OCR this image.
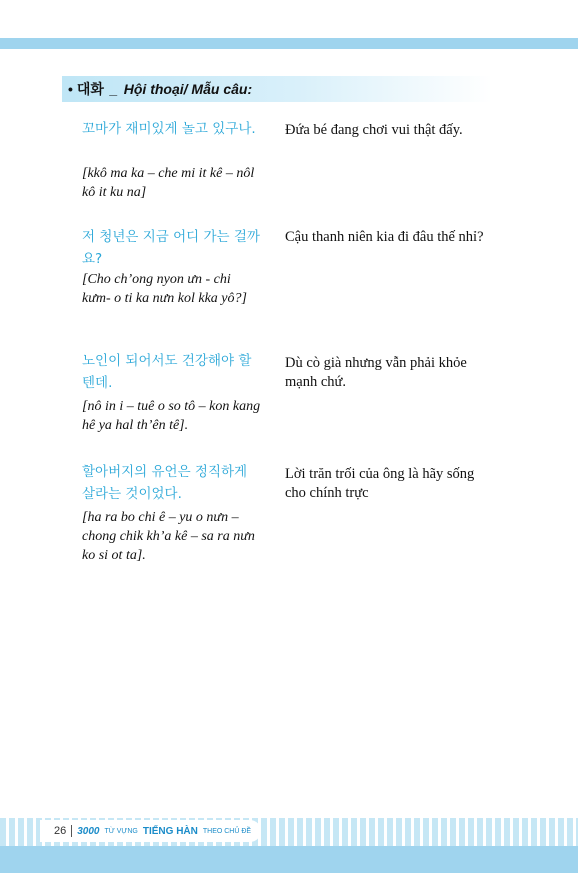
• 대화 _ Hội thoại/ Mẫu câu:

꼬마가 재미있게 놀고 있구나.

[kkô ma ka – che mi it kê – nôl kô it ku na]
Đứa bé đang chơi vui thật đấy.

저 청년은 지금 어디 가는 걸까요?

[Cho ch’ong nyon ưn - chi kưm- o ti ka nưn kol kka yô?]
Cậu thanh niên kia đi đâu thế nhỉ?

노인이 되어서도 건강해야 할텐데.

[nô in i – tuê o so tô – kon kang hê ya hal th’ên tê].
Dù cò già nhưng vẫn phải khỏe mạnh chứ.

할아버지의 유언은 정직하게 살라는 것이었다.

[ha ra bo chi ê – yu o nưn – chong chik kh’a kê – sa ra nưn ko si ot ta].
Lời trăn trối của ông là hãy sống cho chính trực
26 3000 TỪ VỰNG TIẾNG HÀN THEO CHỦ ĐỀ
